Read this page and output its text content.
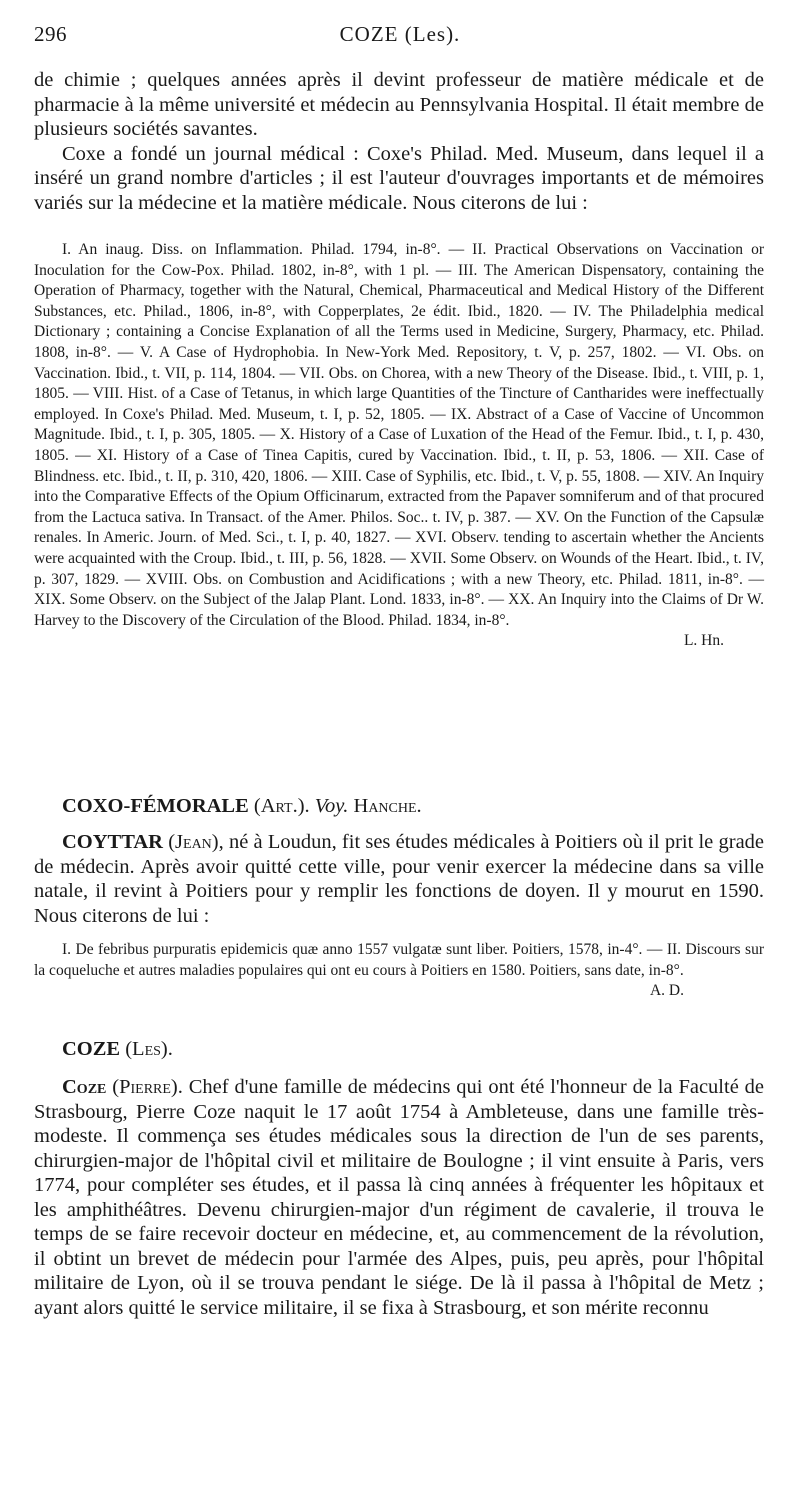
296	COZE (Les).

de chimie ; quelques années après il devint professeur de matière médicale et de pharmacie à la même université et médecin au Pennsylvania Hospital. Il était membre de plusieurs sociétés savantes.

Coxe a fondé un journal médical : Coxe's Philad. Med. Museum, dans lequel il a inséré un grand nombre d'articles ; il est l'auteur d'ouvrages importants et de mémoires variés sur la médecine et la matière médicale. Nous citerons de lui :

I. An inaug. Diss. on Inflammation. Philad. 1794, in-8°. — II. Practical Observations on Vaccination or Inoculation for the Cow-Pox. Philad. 1802, in-8°, with 1 pl. — III. The American Dispensatory, containing the Operation of Pharmacy, together with the Natural, Chemical, Pharmaceutical and Medical History of the Different Substances, etc. Philad., 1806, in-8°, with Copperplates, 2e édit. Ibid., 1820. — IV. The Philadelphia medical Dictionary ; containing a Concise Explanation of all the Terms used in Medicine, Surgery, Pharmacy, etc. Philad. 1808, in-8°. — V. A Case of Hydrophobia. In New-York Med. Repository, t. V, p. 257, 1802. — VI. Obs. on Vaccination. Ibid., t. VII, p. 114, 1804. — VII. Obs. on Chorea, with a new Theory of the Disease. Ibid., t. VIII, p. 1, 1805. — VIII. Hist. of a Case of Tetanus, in which large Quantities of the Tincture of Cantharides were ineffectually employed. In Coxe's Philad. Med. Museum, t. I, p. 52, 1805. — IX. Abstract of a Case of Vaccine of Uncommon Magnitude. Ibid., t. I, p. 305, 1805. — X. History of a Case of Luxation of the Head of the Femur. Ibid., t. I, p. 430, 1805. — XI. History of a Case of Tinea Capitis, cured by Vaccination. Ibid., t. II, p. 53, 1806. — XII. Case of Blindness. etc. Ibid., t. II, p. 310, 420, 1806. — XIII. Case of Syphilis, etc. Ibid., t. V, p. 55, 1808. — XIV. An Inquiry into the Comparative Effects of the Opium Officinarum, extracted from the Papaver somniferum and of that procured from the Lactuca sativa. In Transact. of the Amer. Philos. Soc.. t. IV, p. 387. — XV. On the Function of the Capsulæ renales. In Americ. Journ. of Med. Sci., t. I, p. 40, 1827. — XVI. Observ. tending to ascertain whether the Ancients were acquainted with the Croup. Ibid., t. III, p. 56, 1828. — XVII. Some Observ. on Wounds of the Heart. Ibid., t. IV, p. 307, 1829. — XVIII. Obs. on Combustion and Acidifications ; with a new Theory, etc. Philad. 1811, in-8°. — XIX. Some Observ. on the Subject of the Jalap Plant. Lond. 1833, in-8°. — XX. An Inquiry into the Claims of Dr W. Harvey to the Discovery of the Circulation of the Blood. Philad. 1834, in-8°.

L. Hn.

COXO-FÉMORALE (Art.). Voy. Hanche.

COYTTAR (Jean), né à Loudun, fit ses études médicales à Poitiers où il prit le grade de médecin. Après avoir quitté cette ville, pour venir exercer la médecine dans sa ville natale, il revint à Poitiers pour y remplir les fonctions de doyen. Il y mourut en 1590. Nous citerons de lui :

I. De febribus purpuratis epidemicis quæ anno 1557 vulgatæ sunt liber. Poitiers, 1578, in-4°. — II. Discours sur la coqueluche et autres maladies populaires qui ont eu cours à Poitiers en 1580. Poitiers, sans date, in-8°.
A. D.

COZE (Les).

Coze (Pierre). Chef d'une famille de médecins qui ont été l'honneur de la Faculté de Strasbourg, Pierre Coze naquit le 17 août 1754 à Ambleteuse, dans une famille très-modeste. Il commença ses études médicales sous la direction de l'un de ses parents, chirurgien-major de l'hôpital civil et militaire de Boulogne ; il vint ensuite à Paris, vers 1774, pour compléter ses études, et il passa là cinq années à fréquenter les hôpitaux et les amphithéâtres. Devenu chirurgien-major d'un régiment de cavalerie, il trouva le temps de se faire recevoir docteur en médecine, et, au commencement de la révolution, il obtint un brevet de médecin pour l'armée des Alpes, puis, peu après, pour l'hôpital militaire de Lyon, où il se trouva pendant le siége. De là il passa à l'hôpital de Metz ; ayant alors quitté le service militaire, il se fixa à Strasbourg, et son mérite reconnu
